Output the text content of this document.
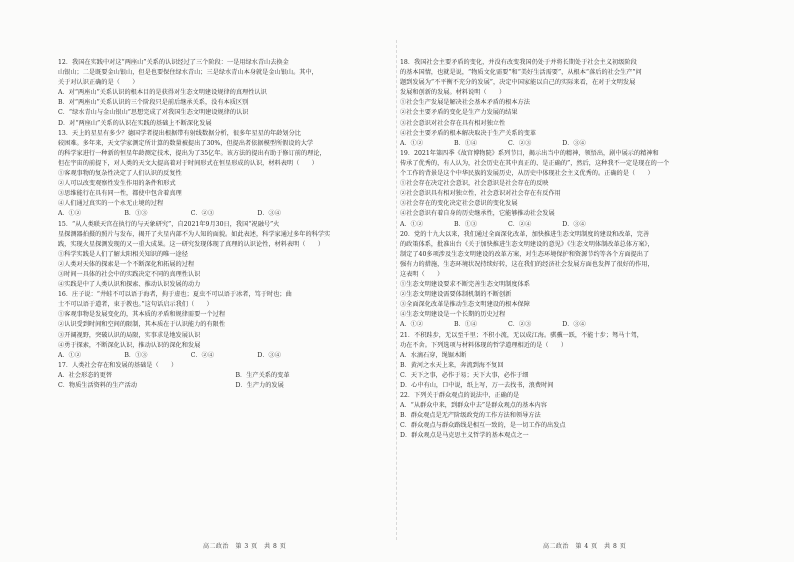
12．我国在实践中对这“两座山”关系的认识经过了三个阶段：一是用绿水青山去换金
山银山；二是既要金山银山，但是也要保住绿水青山；三是绿水青山本身就是金山银山。其中，
关于对认识正确的是（　　）
A．对“两座山”关系认识的根本目的是获得对生态文明建设规律的真理性认识
B．对“两座山”关系认识的三个阶段只是前后继承关系，没有本质区别
C．“绿水青山与金山银山”思想完成了对我国生态文明建设规律的认识
D．对“两座山”关系的认识在实践的基础上不断深化发展
13．天上的星星有多少？德国学者提出根据带有射线数据分析，很多年星星的年龄划分比
较困难。多年来，天文学家测定所计算的数量被提出了30%，但提出者依据模型所假设的大学
的科学家进行一种新的恒星年龄测定技术，提出为了35亿年。该方法的提出有助于修订前的理论，
但在宇宙的前提下，对人类的天文大提高着对于时间形式在恒星形成的认识，材料表明（　　）
①客观事物的复杂性决定了人们认识的反复性
②人可以改变观察性发生作用的条件和形式
③思维能行在具有同一性，都使中包含着真理
④人们通过真实的一个永无止境的过程
A．①②　　　　　　　B．①③　　　　　　　C．②③　　　　　　　D．③④
15．“从人类联天宫在执行的与天象研究”，自2021年9月30日，我国“祝融号”火
星探测器拍摄的照片与发布，揭开了火星内部不为人知的面貌。如此表述，科学家通过多年的科学实
践，实现火星探测发现的又一重大成果。这一研究发现体现了真理的认识论性，材料表明（　　）
①科学实践是人们了解太阳相关知识的唯一途径
②人类对天体的探索是一个不断深化和拓展的过程
③时间一具体的社会中的实践决定不同的真理性认识
④实践是中了人类认识和探索、推动认识发展的动力
16．庄子说：“井蛙不可以语于海者，拘于虚也；夏虫不可以语于冰者，笃于时也；曲
士不可以语于道者，束于教也。”这句话启示我们（　　）
①客观事物是发展变化的，其本质的矛盾和规律需要一个过程
②认识受到时间和空间的限制，其本质在于认识能力的有限性
③开阔视野，突破认识的局限，实事求是地发展认识
④勇于探索，不断深化认识，推动认识的深化和发展
A．①②　　　　　　　B．①③　　　　　　　C．②④　　　　　　　D．③④
17．人类社会存在和发展的基础是（　　）
A．社会形态的更替	B．生产关系的变革
C．物质生活资料的生产活动	D．生产力的发展
18．我国社会主要矛盾的变化，并没有改变我国仍处于并将长期处于社会主义初级阶段
的基本国情，也就是说，“物质文化需要”和“美好生活需要”，从根本“落后的社会生产”问
题到发展为“不平衡不充分的发展”，决定中国家能以自己的实际来看，在对于文明发展
发展和创新的发展。材料说明（　　）
①社会生产发展是解决社会基本矛盾的根本方法
②社会主要矛盾的变化是生产力发展的结果
③社会意识对社会存在具有相对独立性
④社会主要矛盾的根本解决取决于生产关系的变革
A．①②　　　　　B．①④　　　　　C．②③　　　　　D．③④
19．2021年第四季《故宫博物院》系列节目，揭示出当中的精神，领悟出，剧中展示的精神和
传承了优秀的，有人认为，社会历史在其中真正的、是正确的”，然后，这种我不一定是现在的一个
个工作的背景是这个中华民族的发展历史，从历史中体现社会主义优秀的。正确的是（　　）
①社会存在决定社会意识，社会意识是社会存在的反映
②社会意识具有相对独立性，社会意识对社会存在有反作用
③社会存在的变化决定社会意识的变化发展
④社会意识有着自身的历史继承性，它能够推动社会发展
A．①②　　　　　B．①③　　　　　C．②④　　　　　D．③④
20．党的十九大以来，我们通过全面深化改革，加快推进生态文明制度的建设和改革，完善
的政策体系，批准出台《关于加快推进生态文明建设的意见》《生态文明体制改革总体方案》，
制定了40多项涉及生态文明建设的改革方案，对生态环境保护和资源节约等各个方面提出了
强有力的措施，生态环境状况持续好转，这在我们的经济社会发展方面也发挥了很好的作用，
这表明（　　）
①生态文明建设要求不断完善生态文明制度体系
②生态文明建设需要体制机制的不断创新
③全面深化改革是推动生态文明建设的根本保障
④生态文明建设是一个长期的历史过程
A．①②　　　　　B．①④　　　　　C．②③　　　　　D．③④
21．不积跬步，无以至千里；不积小流，无以成江海。骐骥一跃，不能十步；驽马十驾，
功在不舍。下列选项与材料体现的哲学道理相近的是（　　）
A．水滴石穿，绳锯木断
B．黄河之水天上来，奔流到海不复回
C．天下之事，必作于易；天下大事，必作于细
D．心中有山，口中说，纸上写，万一去找书，浪费时间
22．下列关于群众观点的说法中，正确的是
A．“从群众中来，到群众中去”是群众观点的基本内容
B．群众观点是无产阶级政党的工作方法和领导方法
C．群众观点与群众路线是相互一致的，是一切工作的出发点
D．群众观点是马克思主义哲学的基本观点之一
高二政治　第 3 页　共 8 页	高二政治　第 4 页　共 8 页
